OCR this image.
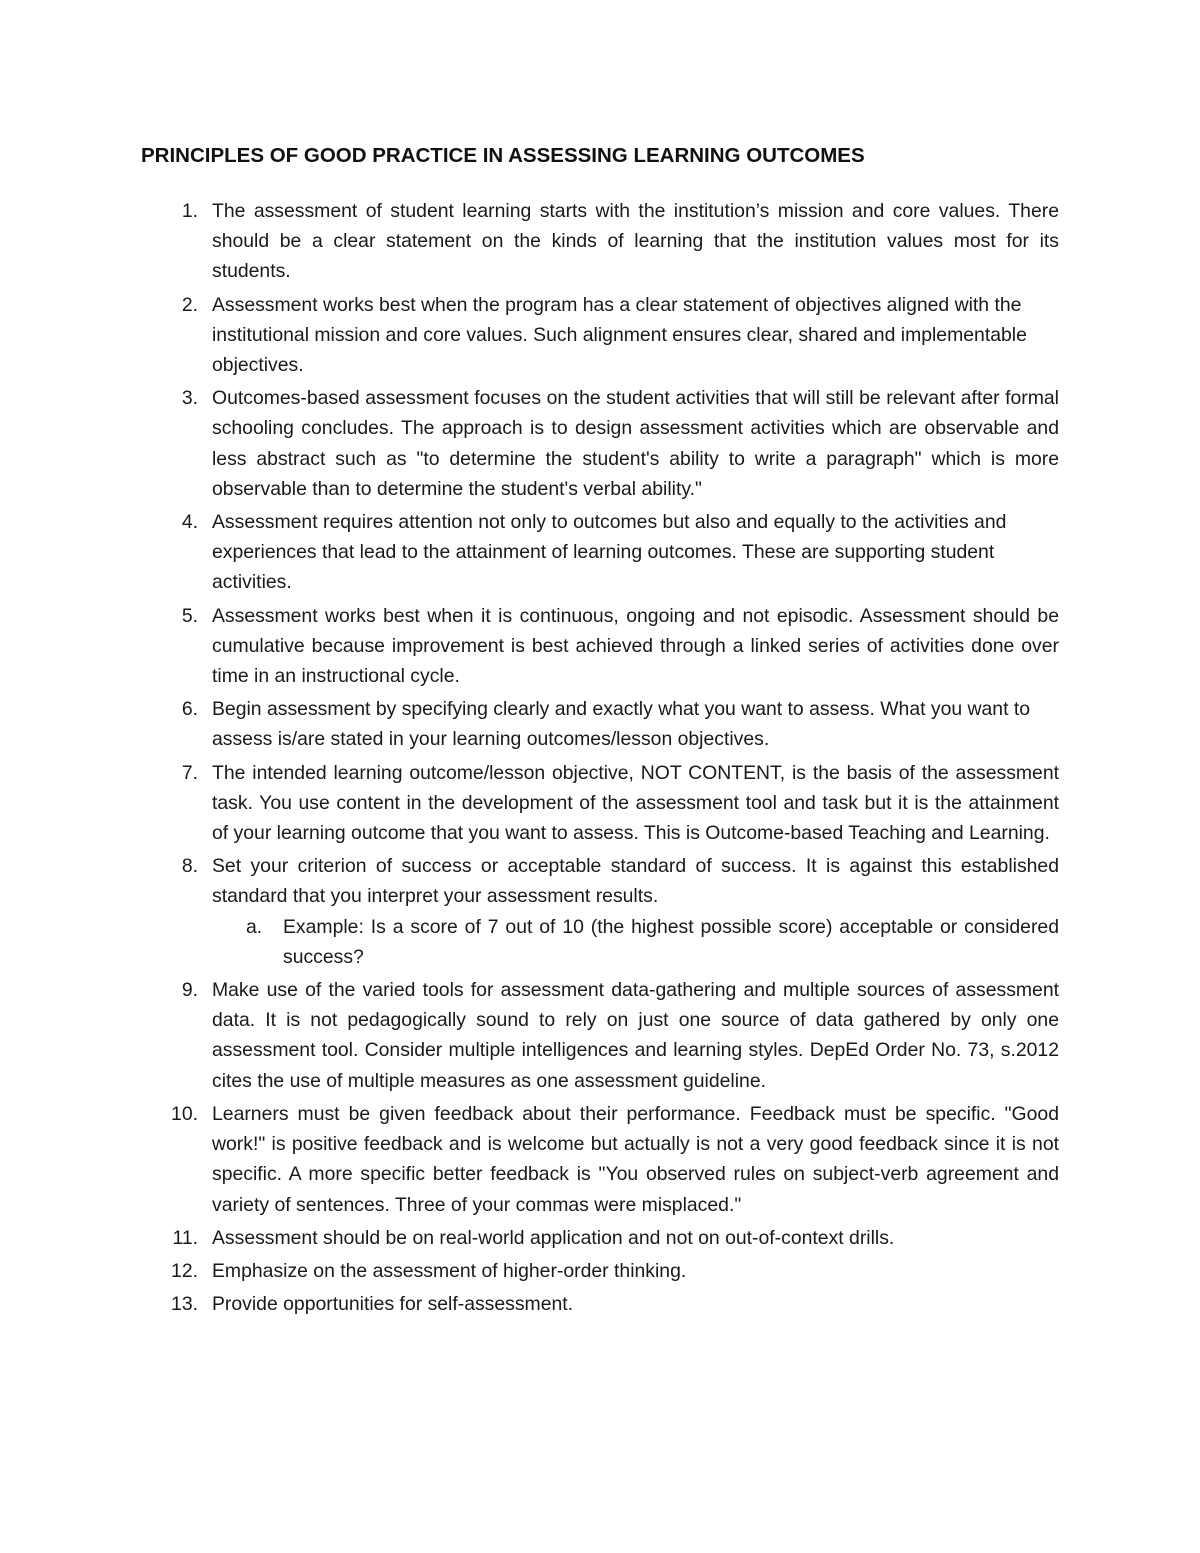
PRINCIPLES OF GOOD PRACTICE IN ASSESSING LEARNING OUTCOMES
1. The assessment of student learning starts with the institution’s mission and core values. There should be a clear statement on the kinds of learning that the institution values most for its students.
2. Assessment works best when the program has a clear statement of objectives aligned with the institutional mission and core values. Such alignment ensures clear, shared and implementable objectives.
3. Outcomes-based assessment focuses on the student activities that will still be relevant after formal schooling concludes. The approach is to design assessment activities which are observable and less abstract such as "to determine the student's ability to write a paragraph" which is more observable than to determine the student's verbal ability."
4. Assessment requires attention not only to outcomes but also and equally to the activities and experiences that lead to the attainment of learning outcomes. These are supporting student activities.
5. Assessment works best when it is continuous, ongoing and not episodic. Assessment should be cumulative because improvement is best achieved through a linked series of activities done over time in an instructional cycle.
6. Begin assessment by specifying clearly and exactly what you want to assess. What you want to assess is/are stated in your learning outcomes/lesson objectives.
7. The intended learning outcome/lesson objective, NOT CONTENT, is the basis of the assessment task. You use content in the development of the assessment tool and task but it is the attainment of your learning outcome that you want to assess. This is Outcome-based Teaching and Learning.
8. Set your criterion of success or acceptable standard of success. It is against this established standard that you interpret your assessment results.
a.	Example: Is a score of 7 out of 10 (the highest possible score) acceptable or considered success?
9. Make use of the varied tools for assessment data-gathering and multiple sources of assessment data. It is not pedagogically sound to rely on just one source of data gathered by only one assessment tool. Consider multiple intelligences and learning styles. DepEd Order No. 73, s.2012 cites the use of multiple measures as one assessment guideline.
10. Learners must be given feedback about their performance. Feedback must be specific. "Good work!" is positive feedback and is welcome but actually is not a very good feedback since it is not specific. A more specific better feedback is "You observed rules on subject-verb agreement and variety of sentences. Three of your commas were misplaced."
11. Assessment should be on real-world application and not on out-of-context drills.
12. Emphasize on the assessment of higher-order thinking.
13. Provide opportunities for self-assessment.
